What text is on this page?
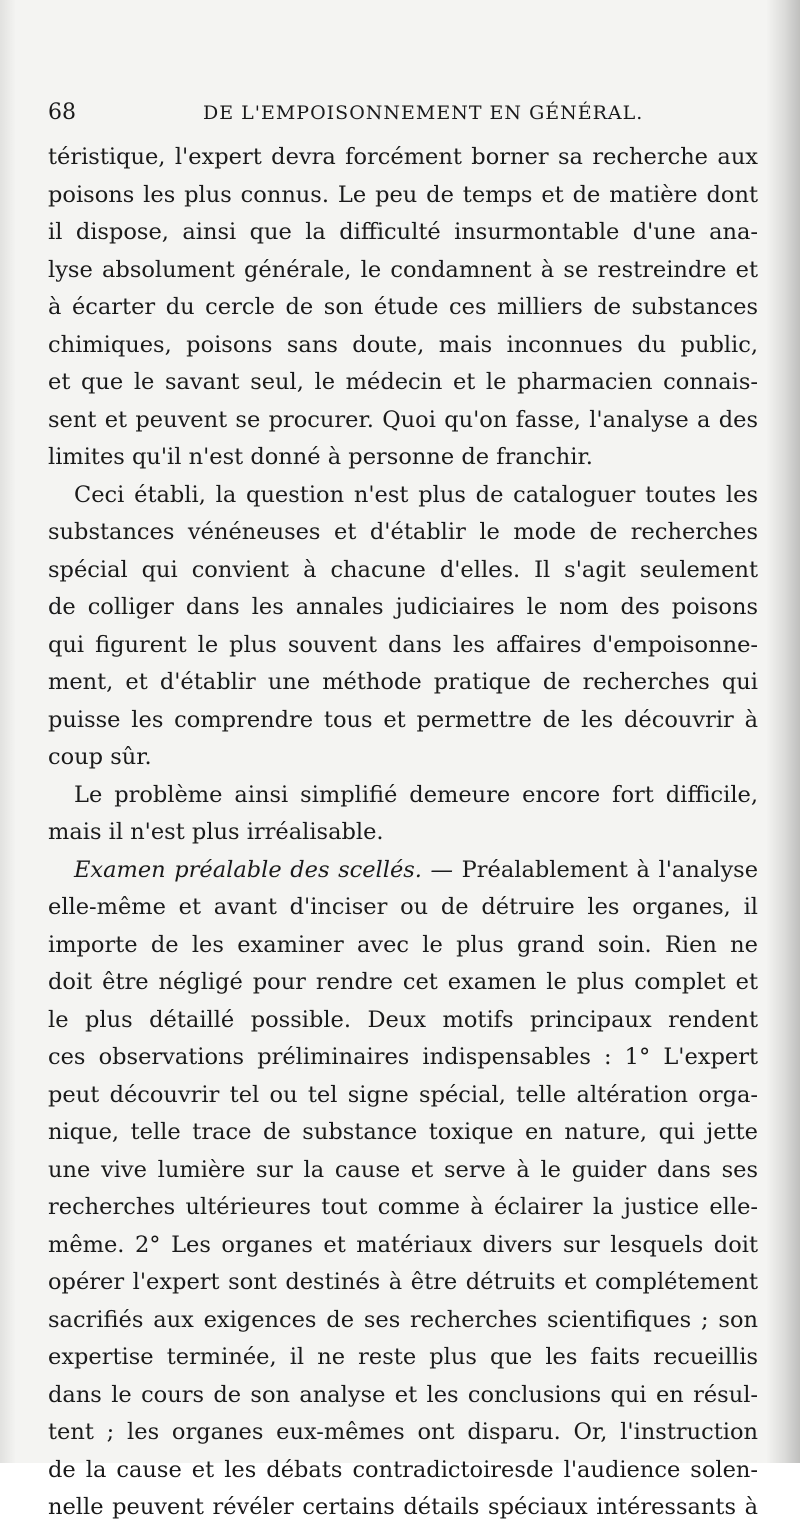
68	DE L'EMPOISONNEMENT EN GÉNÉRAL.
téristique, l'expert devra forcément borner sa recherche aux
poisons les plus connus. Le peu de temps et de matière dont
il dispose, ainsi que la difficulté insurmontable d'une ana-
lyse absolument générale, le condamnent à se restreindre et
à écarter du cercle de son étude ces milliers de substances
chimiques, poisons sans doute, mais inconnues du public,
et que le savant seul, le médecin et le pharmacien connais-
sent et peuvent se procurer. Quoi qu'on fasse, l'analyse a des
limites qu'il n'est donné à personne de franchir.
Ceci établi, la question n'est plus de cataloguer toutes les
substances vénéneuses et d'établir le mode de recherches
spécial qui convient à chacune d'elles. Il s'agit seulement
de colliger dans les annales judiciaires le nom des poisons
qui figurent le plus souvent dans les affaires d'empoisonne-
ment, et d'établir une méthode pratique de recherches qui
puisse les comprendre tous et permettre de les découvrir à
coup sûr.
Le problème ainsi simplifié demeure encore fort difficile,
mais il n'est plus irréalisable.
Examen préalable des scellés. — Préalablement à l'analyse
elle-même et avant d'inciser ou de détruire les organes, il
importe de les examiner avec le plus grand soin. Rien ne
doit être négligé pour rendre cet examen le plus complet et
le plus détaillé possible. Deux motifs principaux rendent
ces observations préliminaires indispensables : 1° L'expert
peut découvrir tel ou tel signe spécial, telle altération orga-
nique, telle trace de substance toxique en nature, qui jette
une vive lumière sur la cause et serve à le guider dans ses
recherches ultérieures tout comme à éclairer la justice elle-
même. 2° Les organes et matériaux divers sur lesquels doit
opérer l'expert sont destinés à être détruits et complétement
sacrifiés aux exigences de ses recherches scientifiques ; son
expertise terminée, il ne reste plus que les faits recueillis
dans le cours de son analyse et les conclusions qui en résul-
tent ; les organes eux-mêmes ont disparu. Or, l'instruction
de la cause et les débats contradictoiresde l'audience solen-
nelle peuvent révéler certains détails spéciaux intéressants à
